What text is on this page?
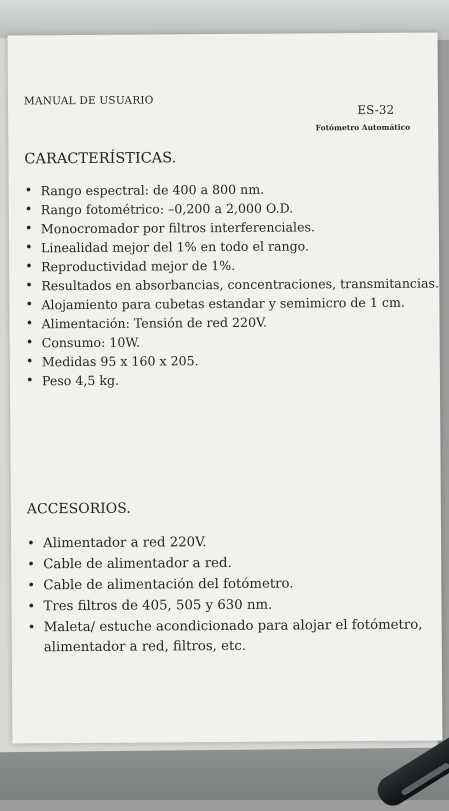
MANUAL DE USUARIO
ES-32
Fotómetro Automático
CARACTERÍSTICAS.
• Rango espectral: de 400 a 800 nm.
• Rango fotométrico: –0,200 a 2,000 O.D.
• Monocromador por filtros interferenciales.
• Linealidad mejor del 1% en todo el rango.
• Reproductividad mejor de 1%.
• Resultados en absorbancias, concentraciones, transmitancias.
• Alojamiento para cubetas estandar y semimicro de 1 cm.
• Alimentación: Tensión de red 220V.
• Consumo: 10W.
• Medidas 95 x 160 x 205.
• Peso 4,5 kg.
ACCESORIOS.
• Alimentador a red 220V.
• Cable de alimentador a red.
• Cable de alimentación del fotómetro.
• Tres filtros de 405, 505 y 630 nm.
• Maleta/ estuche acondicionado para alojar el fotómetro, alimentador a red, filtros, etc.
